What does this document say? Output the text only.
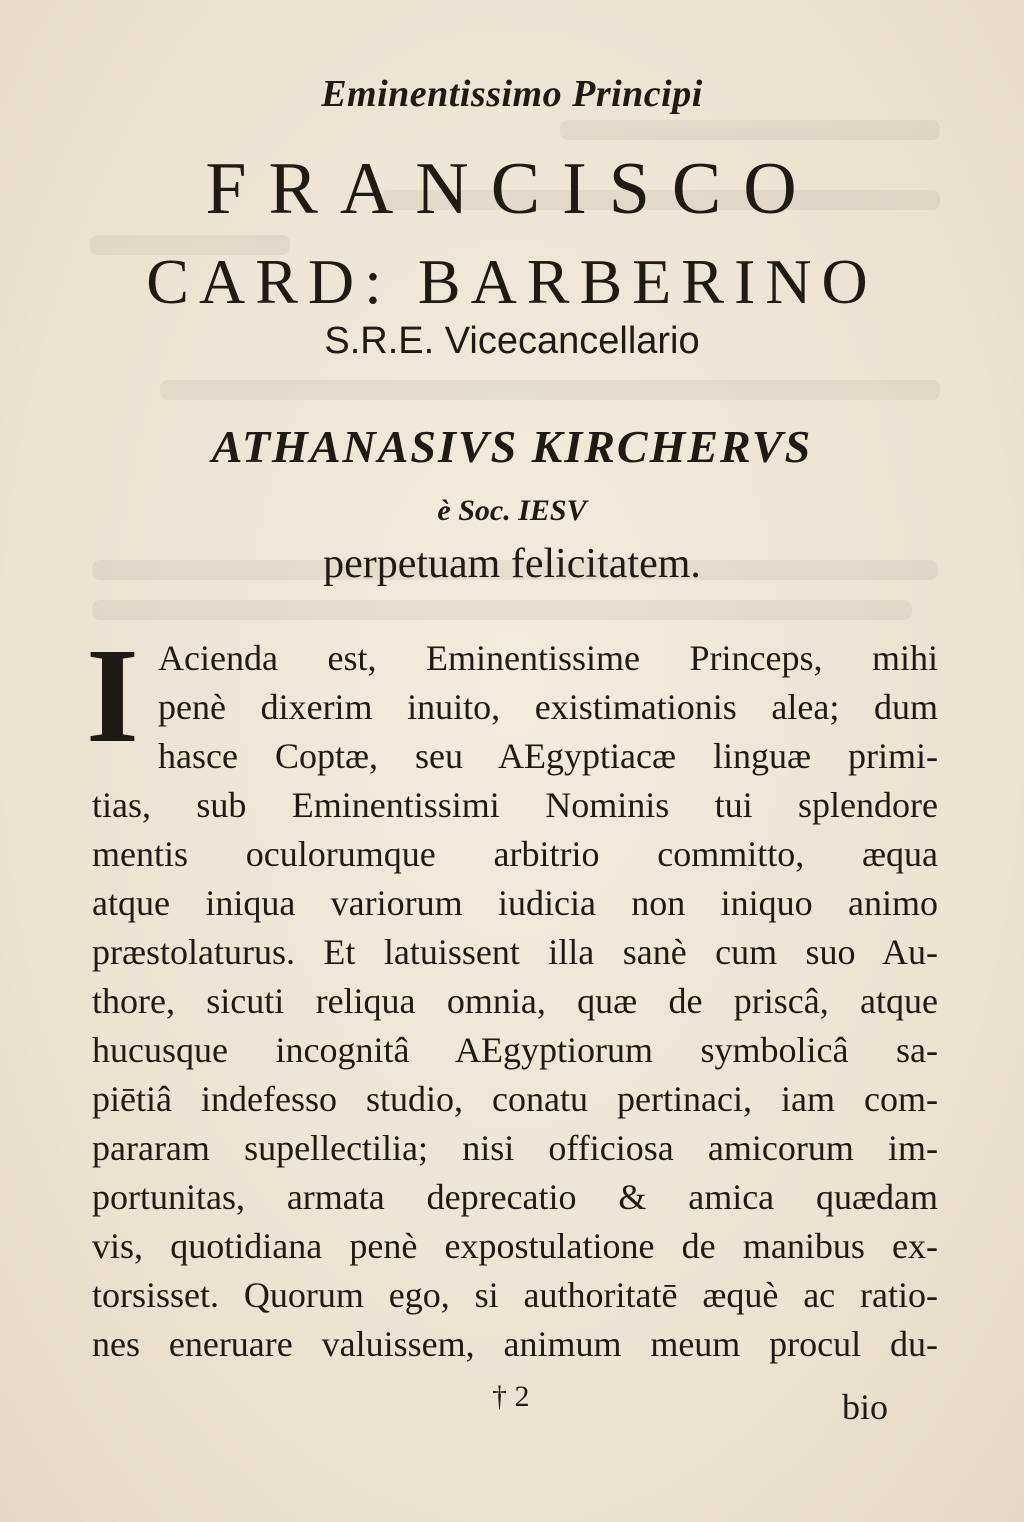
Eminentissimo Principi
FRANCISCO
CARD: BARBERINO
S.R.E. Vicecancellario
ATHANASIVS KIRCHERVS
è Soc. IESV
perpetuam felicitatem.
I Acienda est, Eminentissime Princeps, mihi
penè dixerim inuito, existimationis alea; dum
hasce Coptæ, seu AEgyptiacæ linguæ primi-
tias, sub Eminentissimi Nominis tui splendore
mentis oculorumque arbitrio committo, æqua
atque iniqua variorum iudicia non iniquo animo
præstolaturus. Et latuissent illa sanè cum suo Au-
thore, sicuti reliqua omnia, quæ de priscâ, atque
hucusque incognitâ AEgyptiorum symbolicâ sa-
piētiâ indefesso studio, conatu pertinaci, iam com-
pararam supellectilia; nisi officiosa amicorum im-
portunitas, armata deprecatio & amica quædam
vis, quotidiana penè expostulatione de manibus ex-
torsisset. Quorum ego, si authoritatē æquè ac ratio-
nes eneruare valuissem, animum meum procul du-
† 2	bio
